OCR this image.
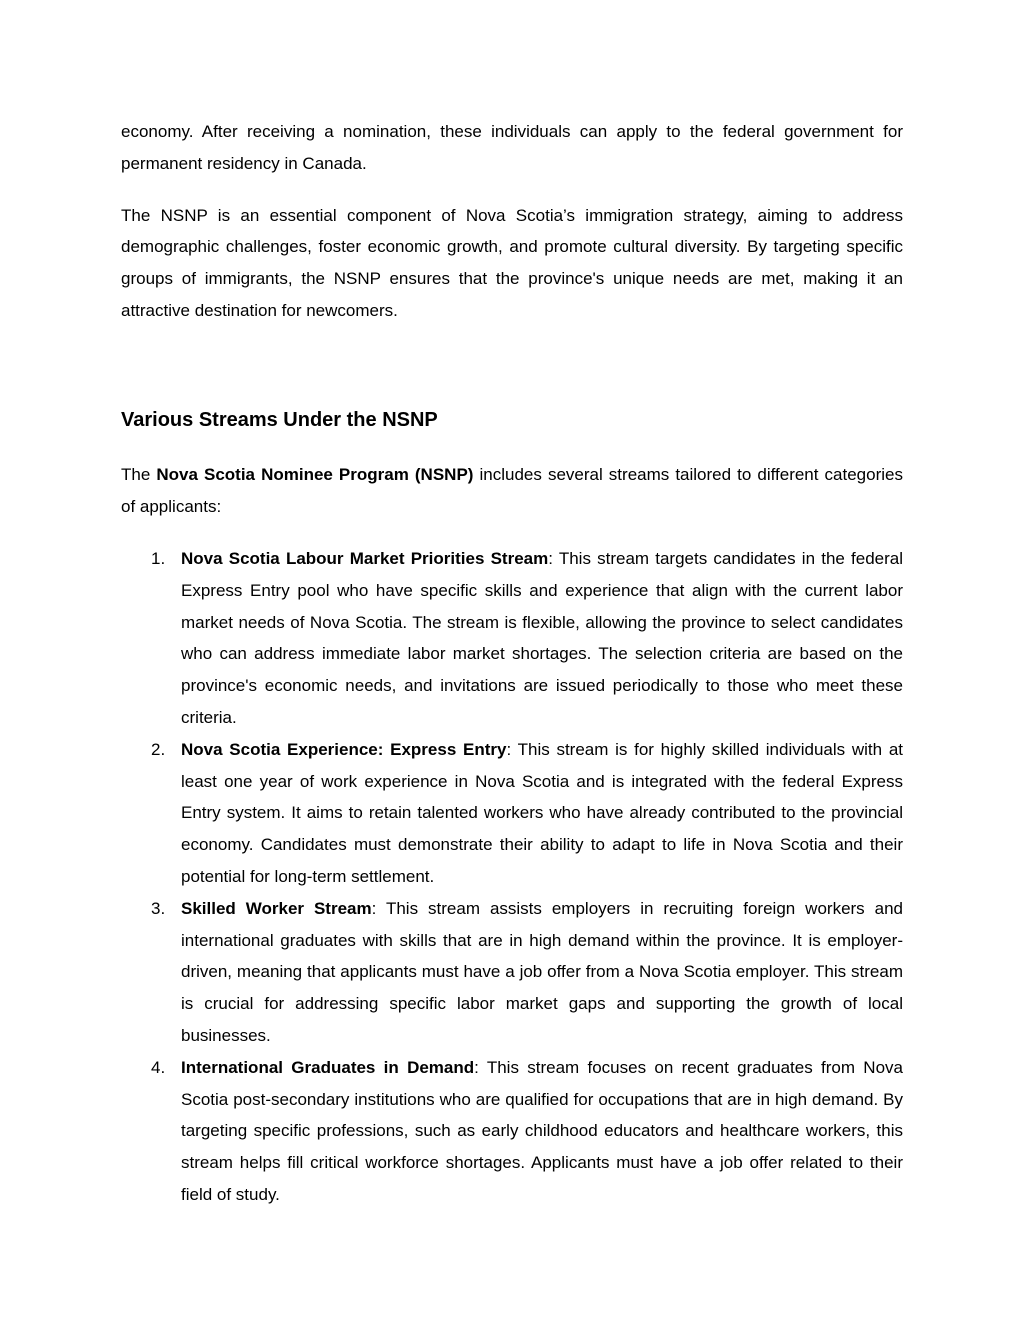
economy. After receiving a nomination, these individuals can apply to the federal government for permanent residency in Canada.

The NSNP is an essential component of Nova Scotia’s immigration strategy, aiming to address demographic challenges, foster economic growth, and promote cultural diversity. By targeting specific groups of immigrants, the NSNP ensures that the province's unique needs are met, making it an attractive destination for newcomers.

Various Streams Under the NSNP

The Nova Scotia Nominee Program (NSNP) includes several streams tailored to different categories of applicants:

1. Nova Scotia Labour Market Priorities Stream: This stream targets candidates in the federal Express Entry pool who have specific skills and experience that align with the current labor market needs of Nova Scotia. The stream is flexible, allowing the province to select candidates who can address immediate labor market shortages. The selection criteria are based on the province's economic needs, and invitations are issued periodically to those who meet these criteria.
2. Nova Scotia Experience: Express Entry: This stream is for highly skilled individuals with at least one year of work experience in Nova Scotia and is integrated with the federal Express Entry system. It aims to retain talented workers who have already contributed to the provincial economy. Candidates must demonstrate their ability to adapt to life in Nova Scotia and their potential for long-term settlement.
3. Skilled Worker Stream: This stream assists employers in recruiting foreign workers and international graduates with skills that are in high demand within the province. It is employer-driven, meaning that applicants must have a job offer from a Nova Scotia employer. This stream is crucial for addressing specific labor market gaps and supporting the growth of local businesses.
4. International Graduates in Demand: This stream focuses on recent graduates from Nova Scotia post-secondary institutions who are qualified for occupations that are in high demand. By targeting specific professions, such as early childhood educators and healthcare workers, this stream helps fill critical workforce shortages. Applicants must have a job offer related to their field of study.
